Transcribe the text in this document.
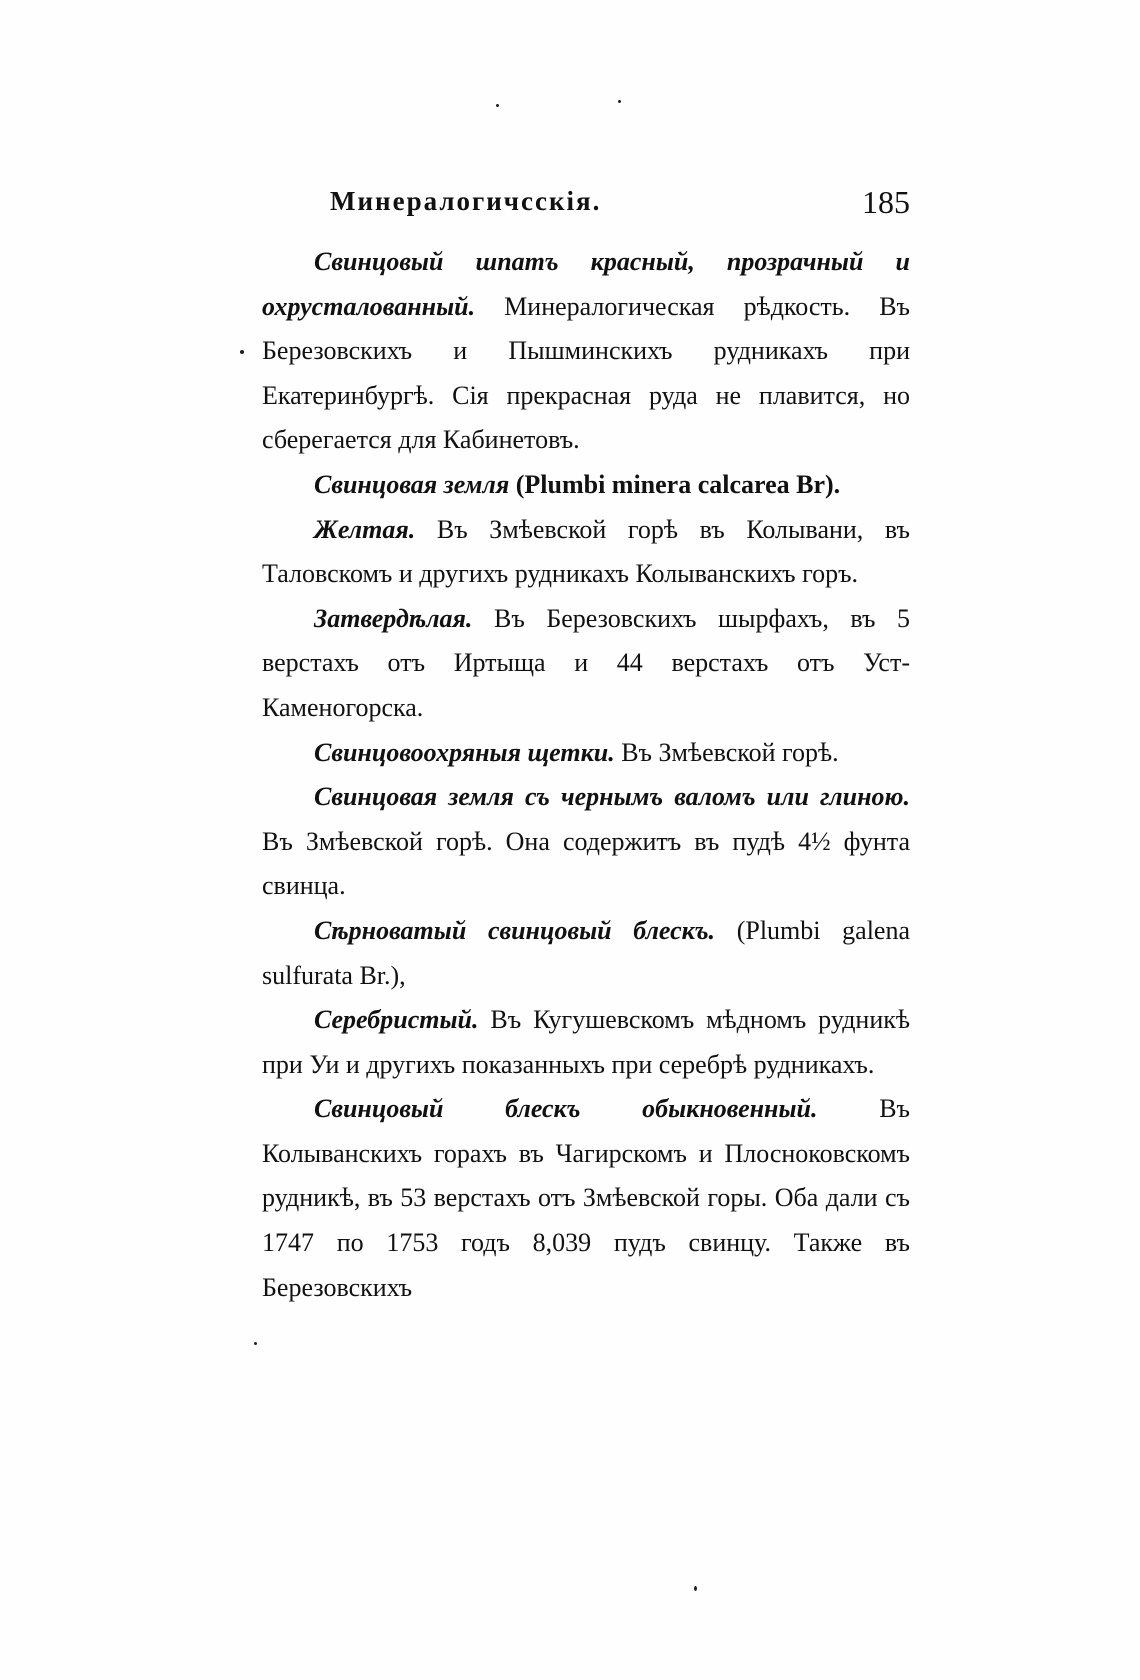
Минералогичсскія.	185

Свинцовый шпатъ красный, прозрачный и охрусталованный. Минералогическая рѣдкость. Въ Березовскихъ и Пышминскихъ рудникахъ при Екатеринбургѣ. Сія прекрасная руда не плавится, но сберегается для Кабинетовъ.

Свинцовая земля (Plumbi minera calcarea Br).

Желтая. Въ Змѣевской горѣ въ Колывани, въ Таловскомъ и другихъ рудникахъ Колыванскихъ горъ.

Затвердѣлая. Въ Березовскихъ шырфахъ, въ 5 верстахъ отъ Иртыща и 44 верстахъ отъ Уст-Каменогорска.

Свинцовоохряныя щетки. Въ Змѣевской горѣ.

Свинцовая земля съ чернымъ валомъ или глиною. Въ Змѣевской горѣ. Она содержитъ въ пудѣ 4½ фунта свинца.

Сѣрноватый свинцовый блескъ. (Plumbi galena sulfurata Br.),

Серебристый. Въ Кугушевскомъ мѣдномъ рудникѣ при Уи и другихъ показанныхъ при серебрѣ рудникахъ.

Свинцовый блескъ обыкновенный. Въ Колыванскихъ горахъ въ Чагирскомъ и Плосноковскомъ рудникѣ, въ 53 верстахъ отъ Змѣевской горы. Оба дали съ 1747 по 1753 годъ 8,039 пудъ свинцу. Также въ Березовскихъ
